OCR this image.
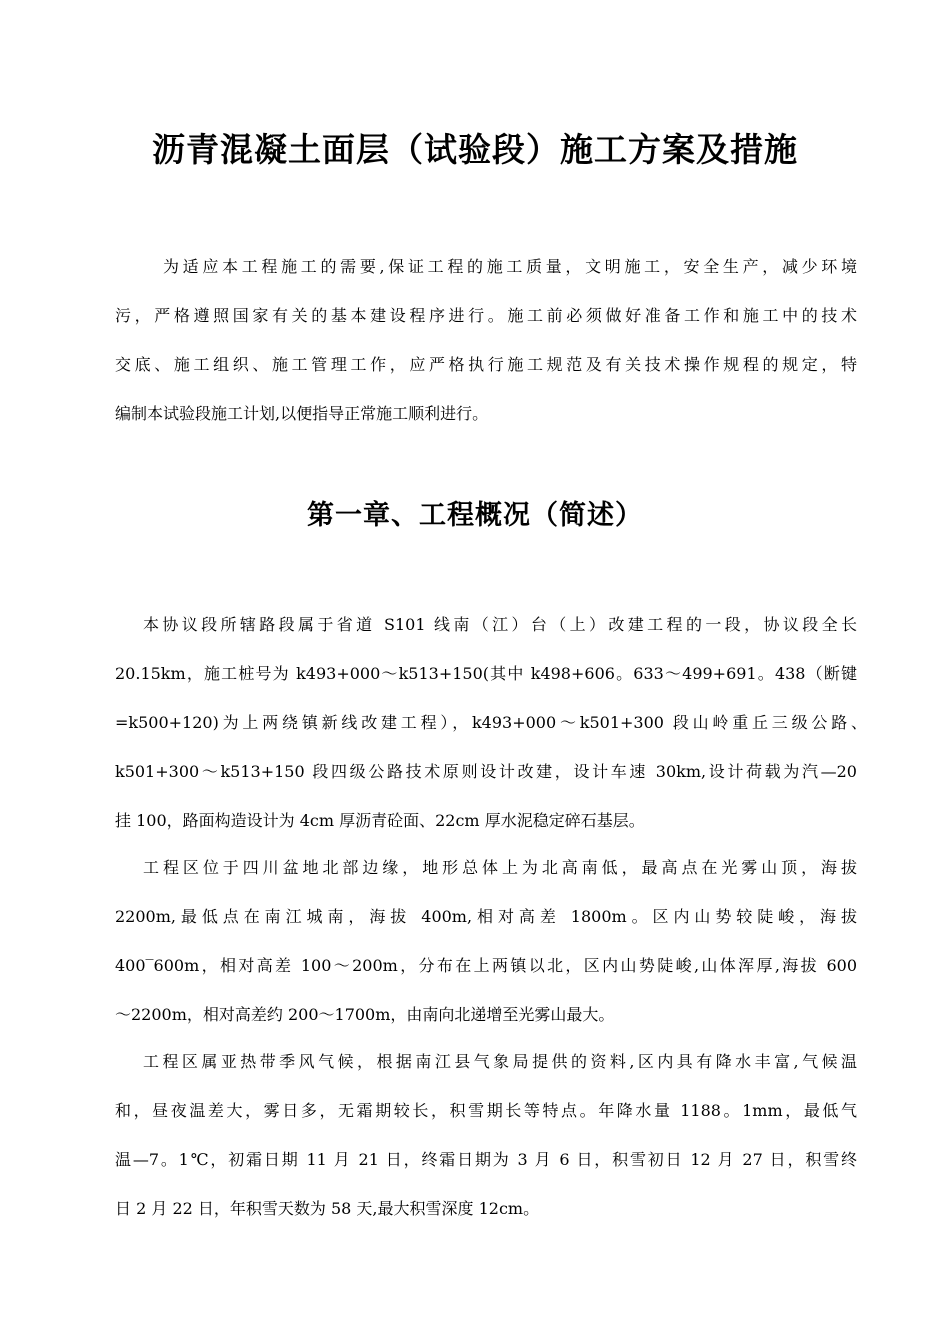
沥青混凝土面层（试验段）施工方案及措施
为适应本工程施工的需要,保证工程的施工质量，文明施工，安全生产，减少环境
污，严格遵照国家有关的基本建设程序进行。施工前必须做好准备工作和施工中的技术
交底、施工组织、施工管理工作，应严格执行施工规范及有关技术操作规程的规定，特
编制本试验段施工计划,以便指导正常施工顺利进行。
第一章、工程概况（简述）
本协议段所辖路段属于省道 S101 线南（江）台（上）改建工程的一段，协议段全长
20.15km，施工桩号为 k493+000～k513+150(其中 k498+606。633～499+691。438（断键
=k500+120)为上两绕镇新线改建工程），k493+000～k501+300 段山岭重丘三级公路、
k501+300～k513+150 段四级公路技术原则设计改建，设计车速 30km,设计荷载为汽—20
挂 100，路面构造设计为 4cm 厚沥青砼面、22cm 厚水泥稳定碎石基层。
工程区位于四川盆地北部边缘，地形总体上为北高南低，最高点在光雾山顶，海拔
2200m,最低点在南江城南，海拔 400m,相对高差 1800m。区内山势较陡峻，海拔
400‾600m，相对高差 100～200m，分布在上两镇以北，区内山势陡峻,山体浑厚,海拔 600
～2200m，相对高差约 200～1700m，由南向北递增至光雾山最大。
工程区属亚热带季风气候，根据南江县气象局提供的资料,区内具有降水丰富,气候温
和，昼夜温差大，雾日多，无霜期较长，积雪期长等特点。年降水量 1188。1mm，最低气
温—7。1℃，初霜日期 11 月 21 日，终霜日期为 3 月 6 日，积雪初日 12 月 27 日，积雪终
日 2 月 22 日，年积雪天数为 58 天,最大积雪深度 12cm。
